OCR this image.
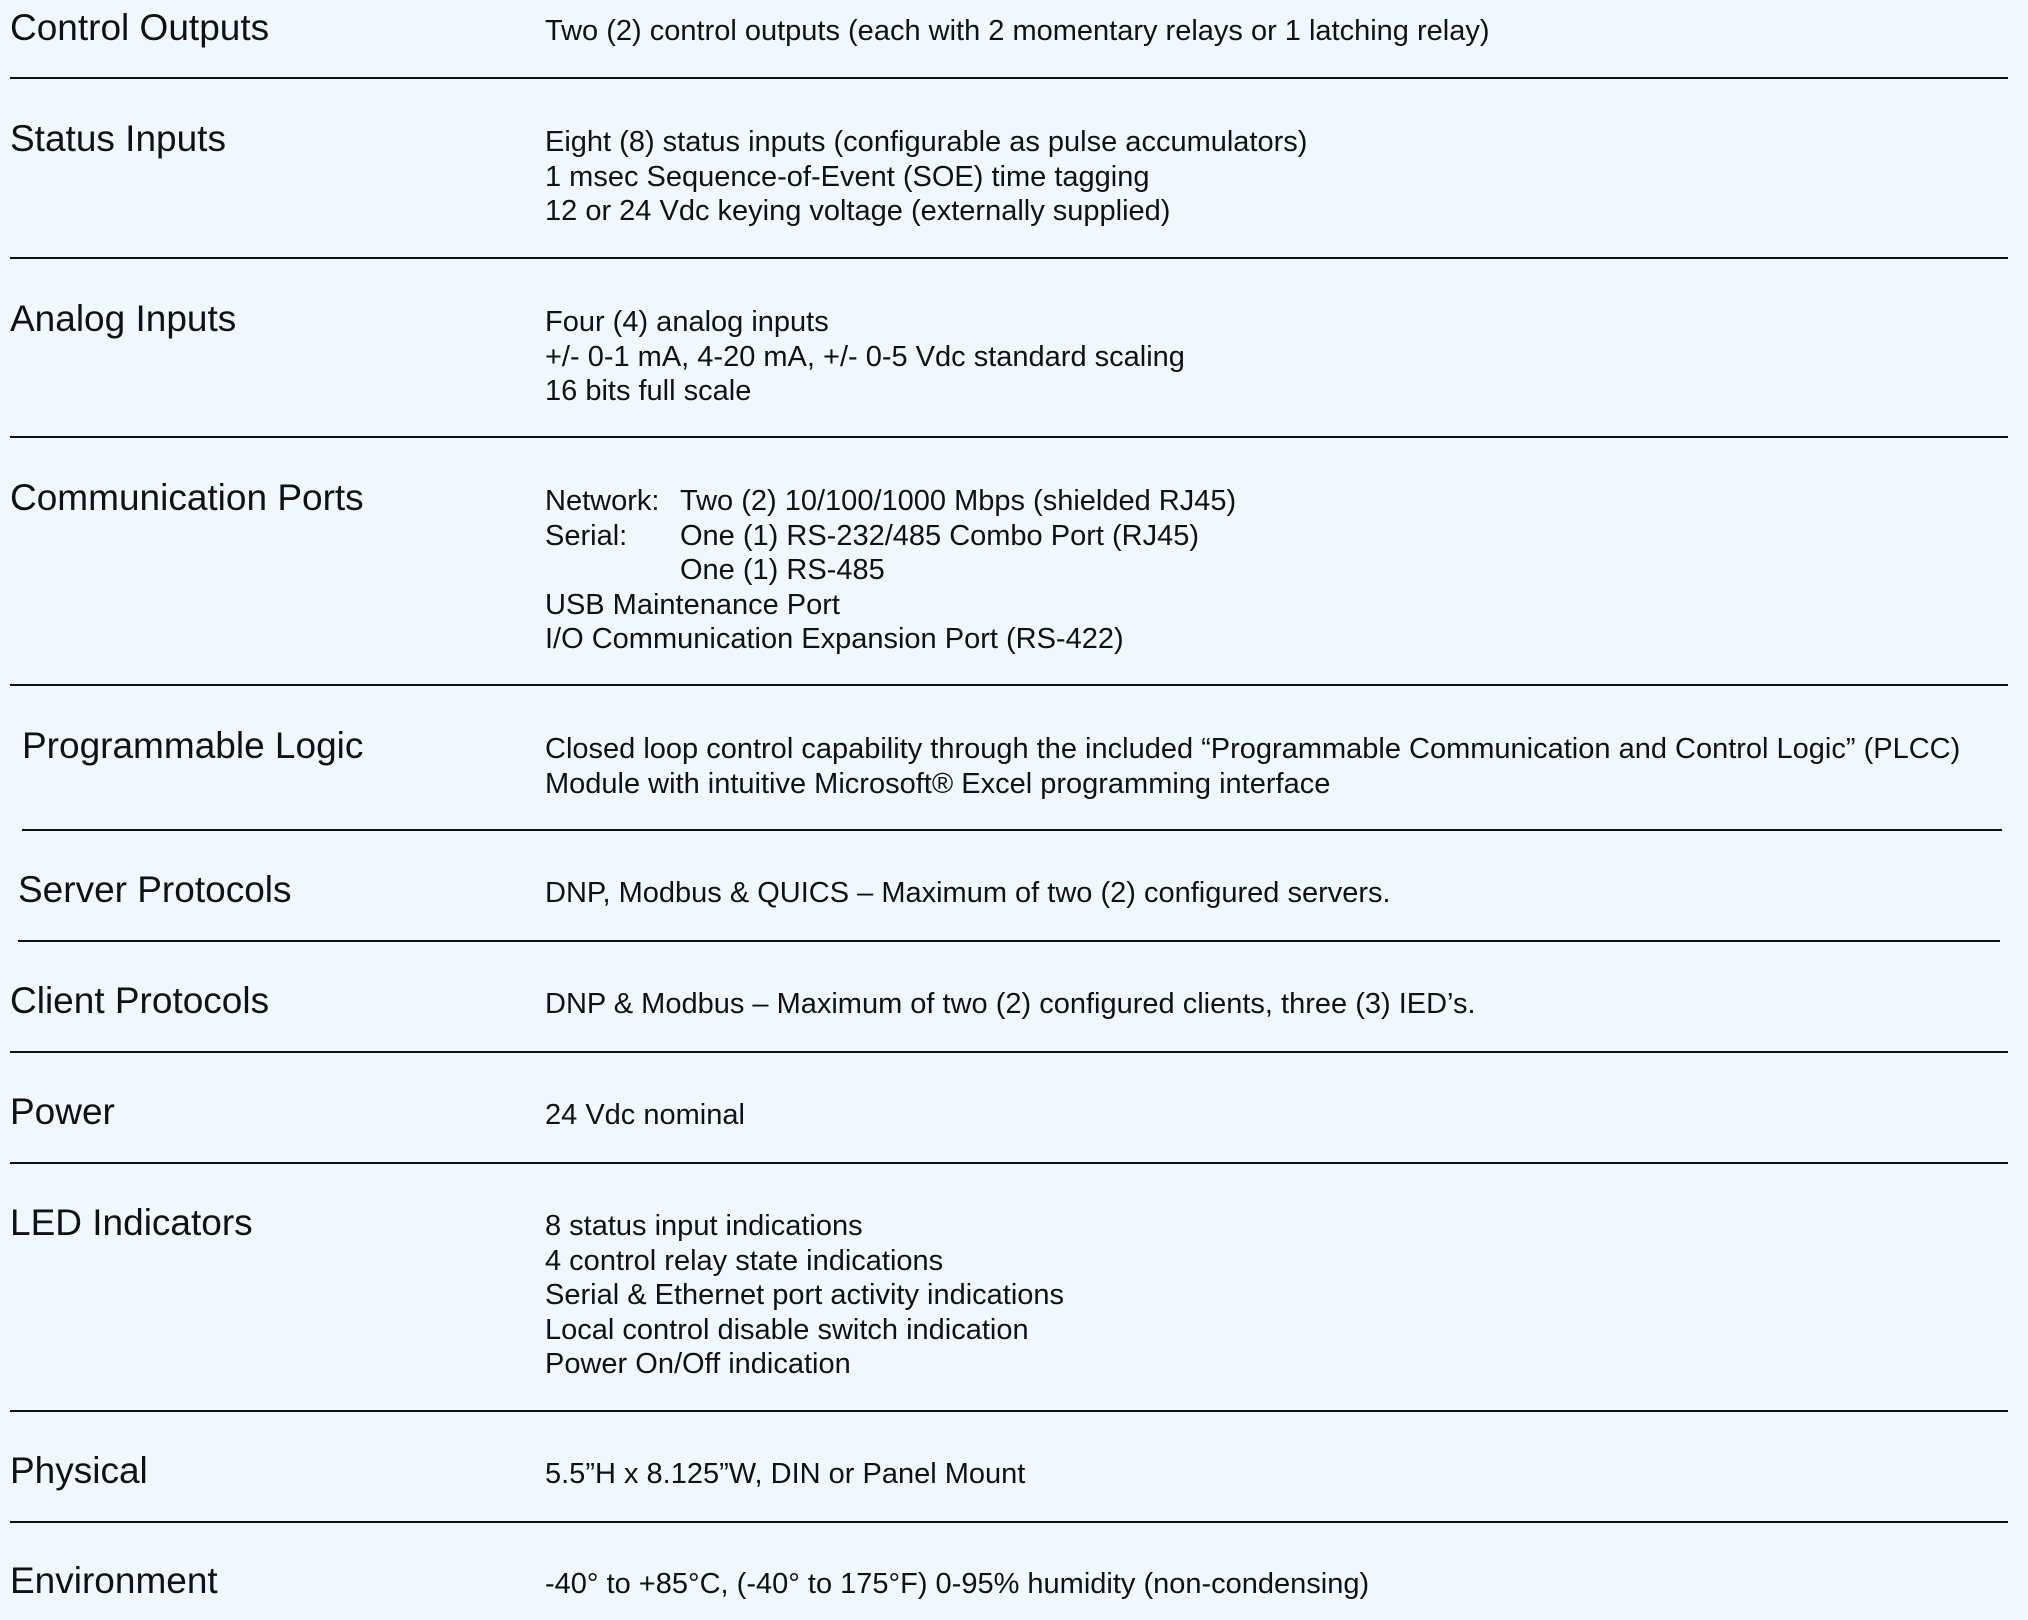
Control Outputs	Two (2) control outputs (each with 2 momentary relays or 1 latching relay)
Status Inputs	Eight (8) status inputs (configurable as pulse accumulators)
1 msec Sequence-of-Event (SOE) time tagging
12 or 24 Vdc keying voltage (externally supplied)
Analog Inputs	Four (4) analog inputs
+/- 0-1 mA, 4-20 mA, +/- 0-5 Vdc standard scaling
16 bits full scale
Communication Ports	Network: Two (2) 10/100/1000 Mbps (shielded RJ45)
Serial: One (1) RS-232/485 Combo Port (RJ45)
One (1) RS-485
USB Maintenance Port
I/O Communication Expansion Port (RS-422)
Programmable Logic	Closed loop control capability through the included “Programmable Communication and Control Logic” (PLCC)
Module with intuitive Microsoft® Excel programming interface
Server Protocols	DNP, Modbus & QUICS – Maximum of two (2) configured servers.
Client Protocols	DNP & Modbus – Maximum of two (2) configured clients, three (3) IED’s.
Power	24 Vdc nominal
LED Indicators	8 status input indications
4 control relay state indications
Serial & Ethernet port activity indications
Local control disable switch indication
Power On/Off indication
Physical	5.5”H x 8.125”W, DIN or Panel Mount
Environment	-40° to +85°C, (-40° to 175°F) 0-95% humidity (non-condensing)
